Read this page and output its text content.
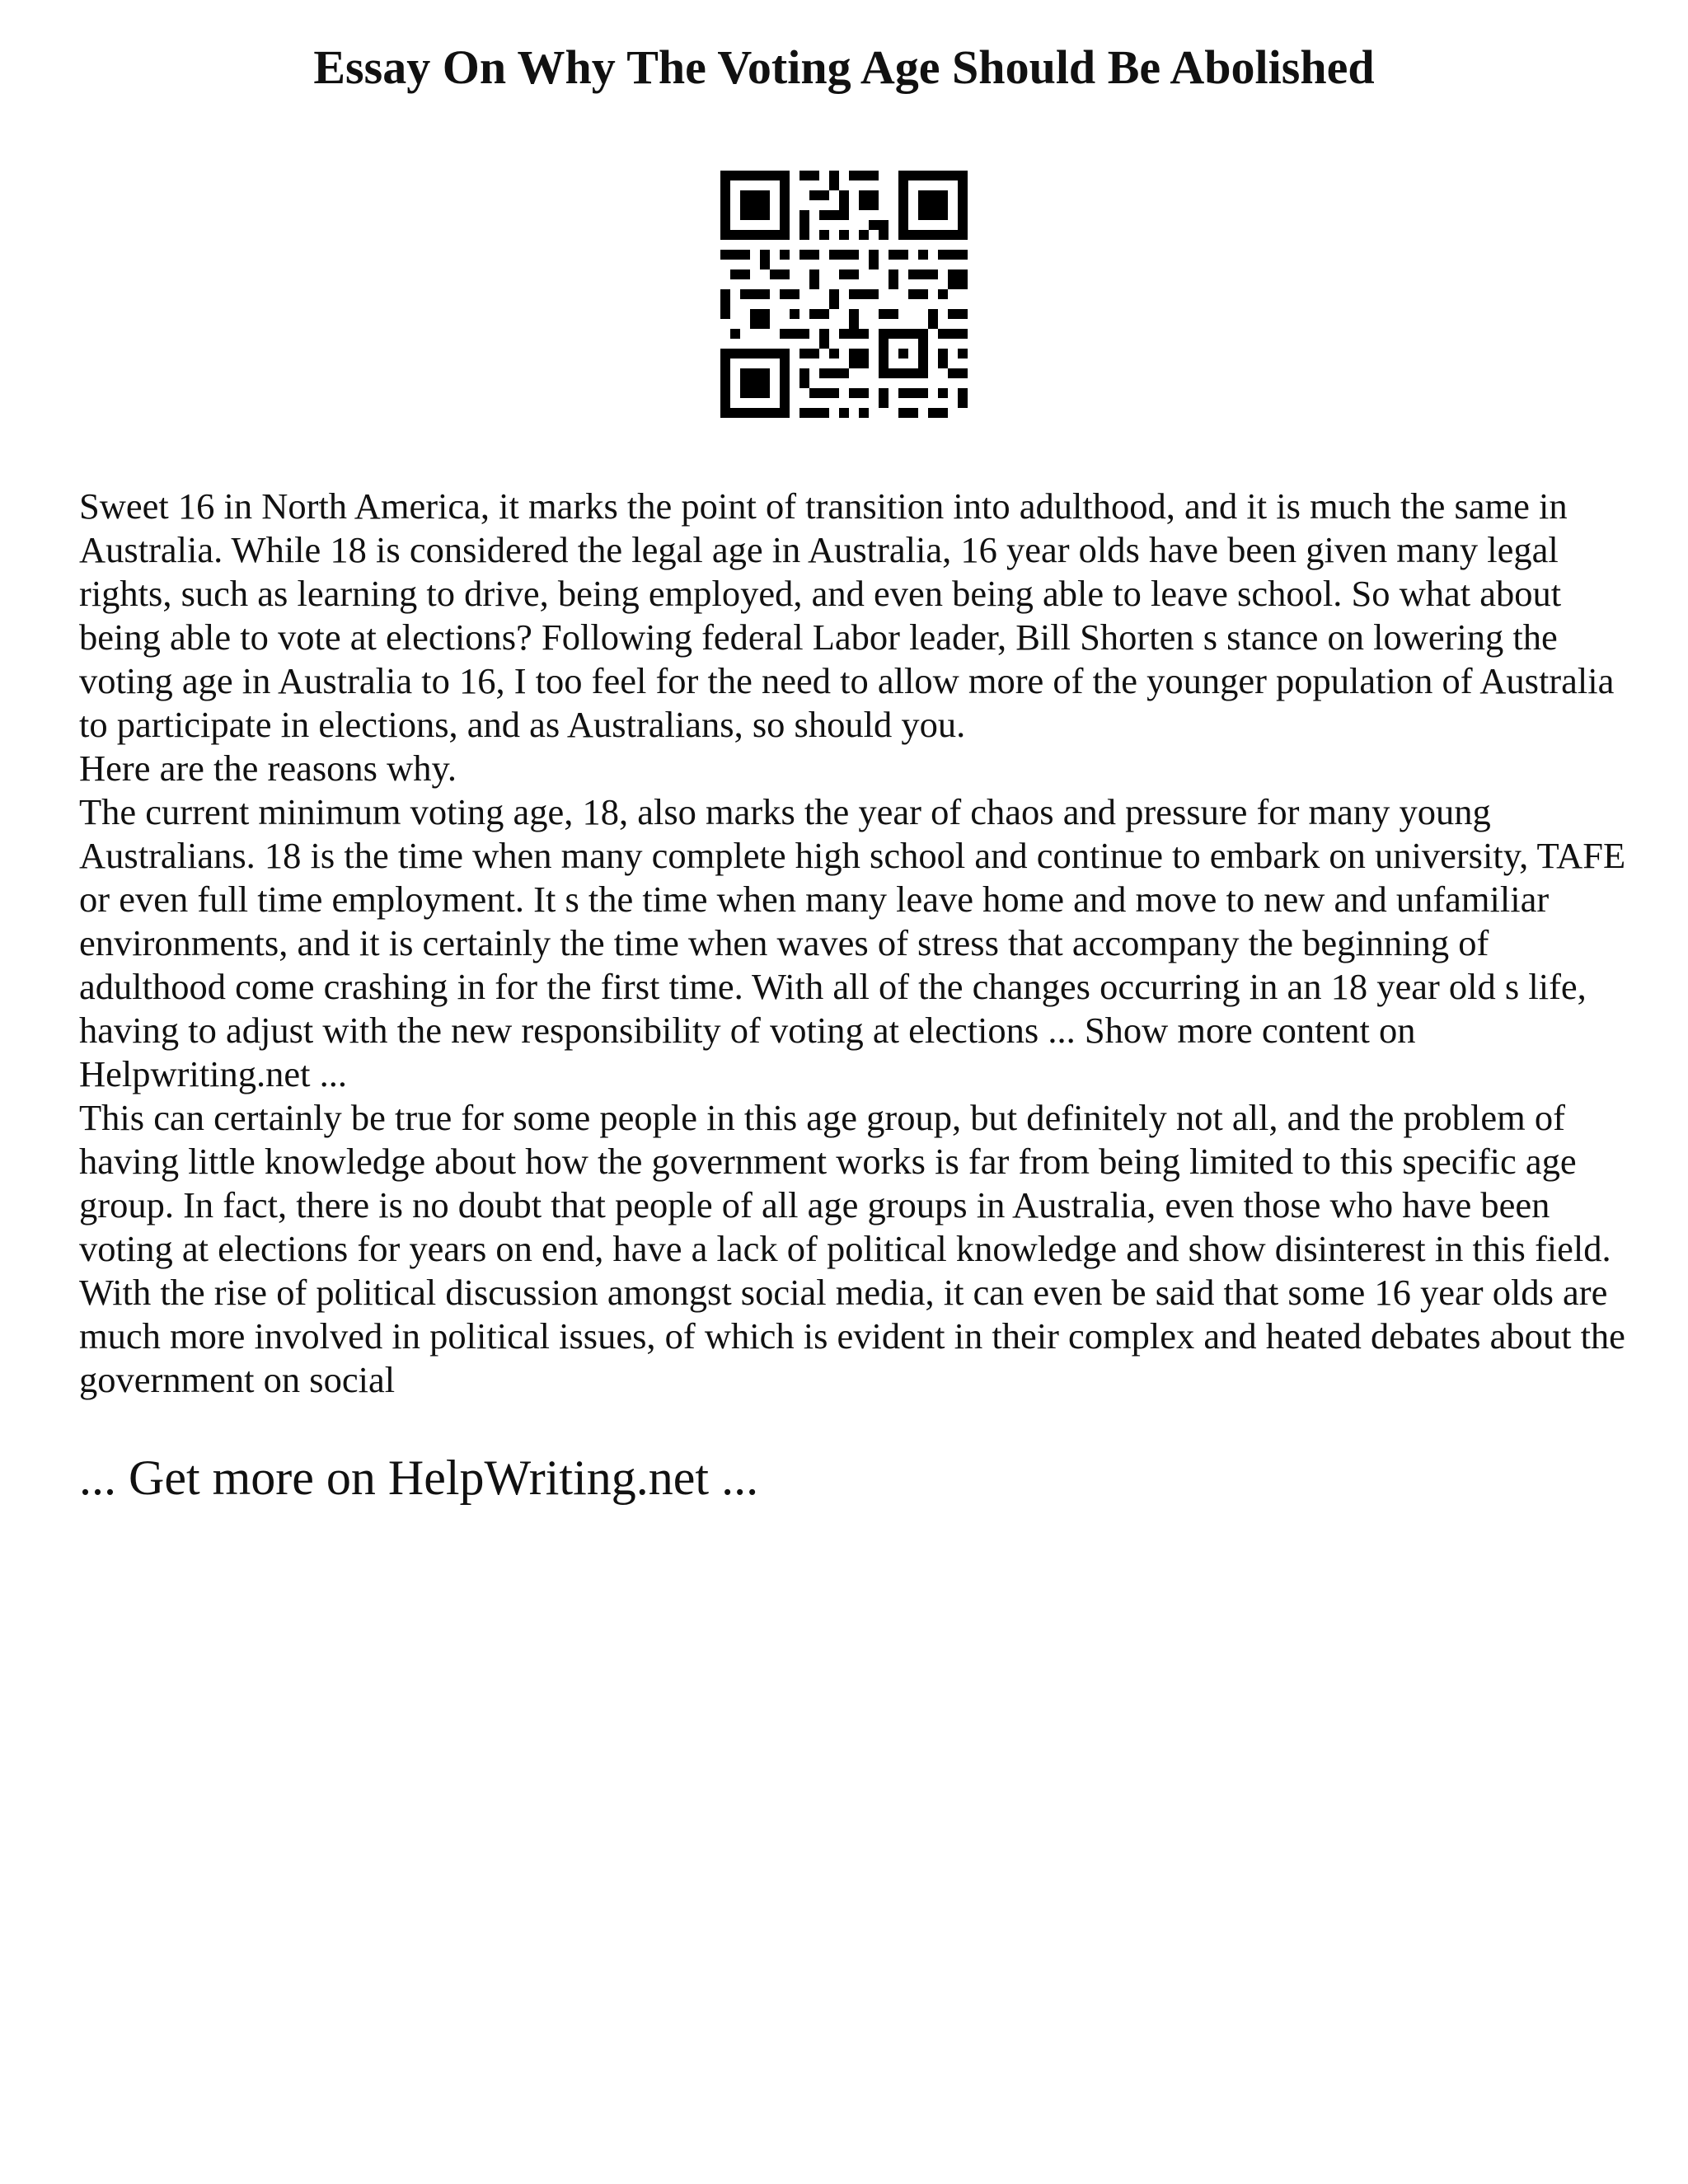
Essay On Why The Voting Age Should Be Abolished

Sweet 16 in North America, it marks the point of transition into adulthood, and it is much the same in Australia. While 18 is considered the legal age in Australia, 16 year olds have been given many legal rights, such as learning to drive, being employed, and even being able to leave school. So what about being able to vote at elections? Following federal Labor leader, Bill Shorten s stance on lowering the voting age in Australia to 16, I too feel for the need to allow more of the younger population of Australia to participate in elections, and as Australians, so should you.

Here are the reasons why.

The current minimum voting age, 18, also marks the year of chaos and pressure for many young Australians. 18 is the time when many complete high school and continue to embark on university, TAFE or even full time employment. It s the time when many leave home and move to new and unfamiliar environments, and it is certainly the time when waves of stress that accompany the beginning of adulthood come crashing in for the first time. With all of the changes occurring in an 18 year old s life, having to adjust with the new responsibility of voting at elections ... Show more content on Helpwriting.net ...

This can certainly be true for some people in this age group, but definitely not all, and the problem of having little knowledge about how the government works is far from being limited to this specific age group. In fact, there is no doubt that people of all age groups in Australia, even those who have been voting at elections for years on end, have a lack of political knowledge and show disinterest in this field. With the rise of political discussion amongst social media, it can even be said that some 16 year olds are much more involved in political issues, of which is evident in their complex and heated debates about the government on social

... Get more on HelpWriting.net ...
